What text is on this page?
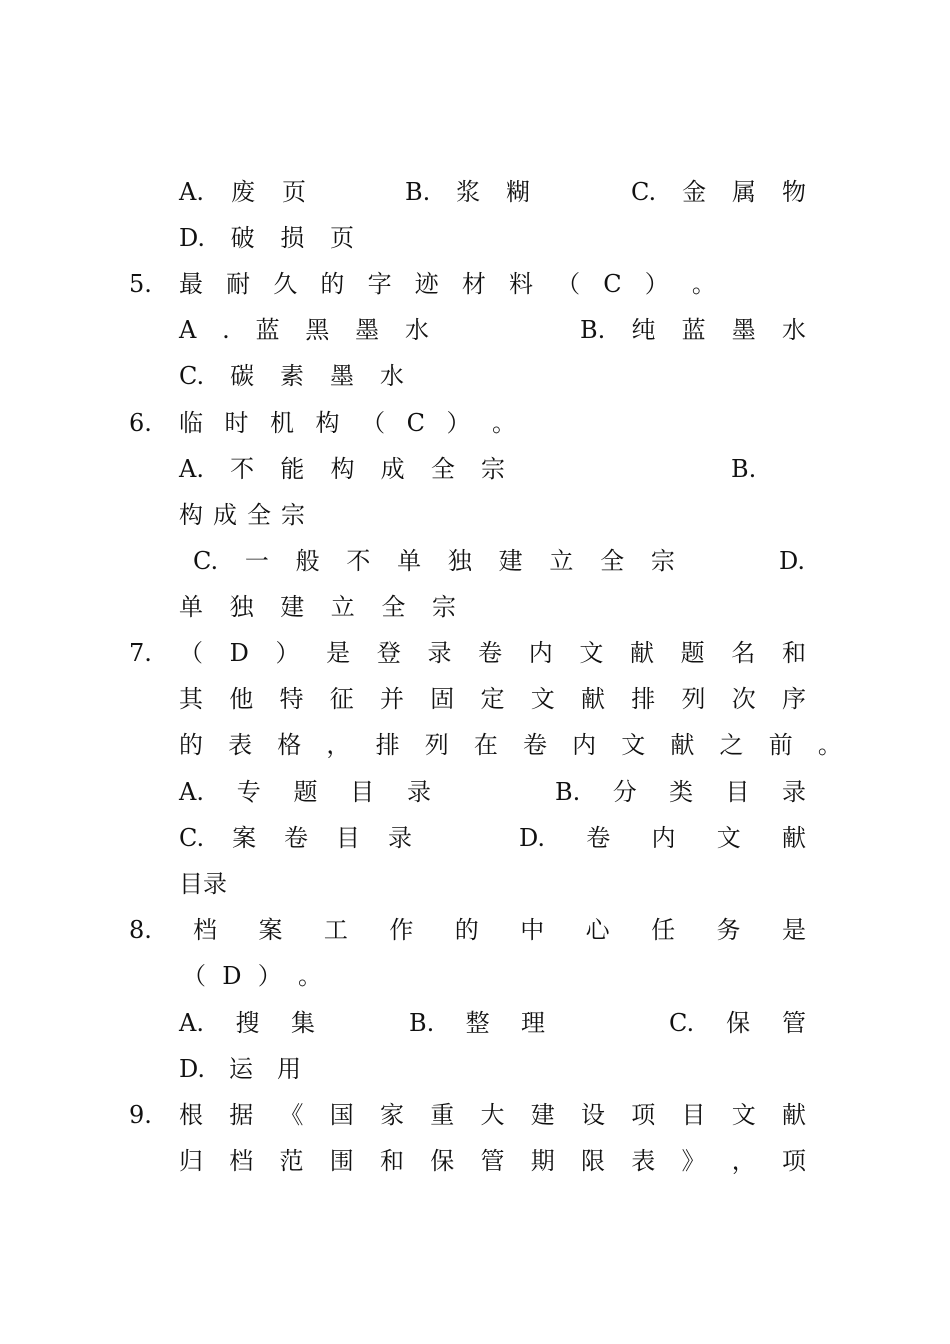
A. 废 页	B. 浆 糊	C. 金 属 物
D. 破 损 页
5. 最 耐 久 的 字 迹 材 料 （ C ） 。
A . 蓝 黑 墨 水	B. 纯 蓝 墨 水
C. 碳 素 墨 水
6. 临 时 机 构 （ C ） 。
A. 不 能 构 成 全 宗	B.
C. 一 般 不 单 独 建 立 全 宗	D.
7. （ D ） 是 登 录 卷 内 文 献 题 名 和
其 他 特 征 并 固 定 文 献 排 列 次 序
的 表 格 ， 排 列 在 卷 内 文 献 之 前 。
A. 专 题 目 录	B. 分 类 目 录
C. 案 卷 目 录	D. 卷 内 文 献
8. 档 案 工 作 的 中 心 任 务 是
（ D ） 。
A. 搜 集	B. 整 理	C. 保 管
D. 运 用
9. 根 据 《 国 家 重 大 建 设 项 目 文 献
归 档 范 围 和 保 管 期 限 表 》 ， 项
构 成 全 宗
单 独 建 立 全 宗
目 录
